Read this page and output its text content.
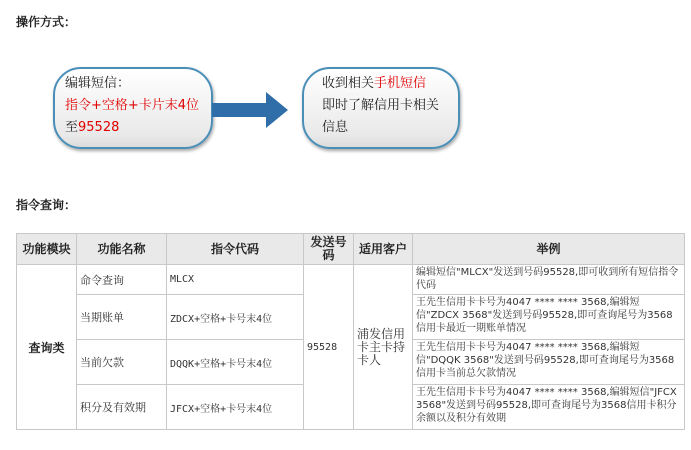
操作方式：
编辑短信：
指令+空格+卡片末4位
至95528
收到相关手机短信
即时了解信用卡相关
信息
指令查询：
功能模块	功能名称	指令代码	发送号码	适用客户	举例
查询类	命令查询	MLCX	95528	浦发信用卡主卡持卡人	编辑短信"MLCX"发送到号码95528,即可收到所有短信指令代码
	当期账单	ZDCX+空格+卡号末4位			王先生信用卡卡号为4047 **** **** 3568,编辑短信"ZDCX 3568"发送到号码95528,即可查询尾号为3568信用卡最近一期账单情况
	当前欠款	DQQK+空格+卡号末4位			王先生信用卡卡号为4047 **** **** 3568,编辑短信"DQQK 3568"发送到号码95528,即可查询尾号为3568信用卡当前总欠款情况
	积分及有效期	JFCX+空格+卡号末4位			王先生信用卡卡号为4047 **** **** 3568,编辑短信"JFCX 3568"发送到号码95528,即可查询尾号为3568信用卡积分余额以及积分有效期
